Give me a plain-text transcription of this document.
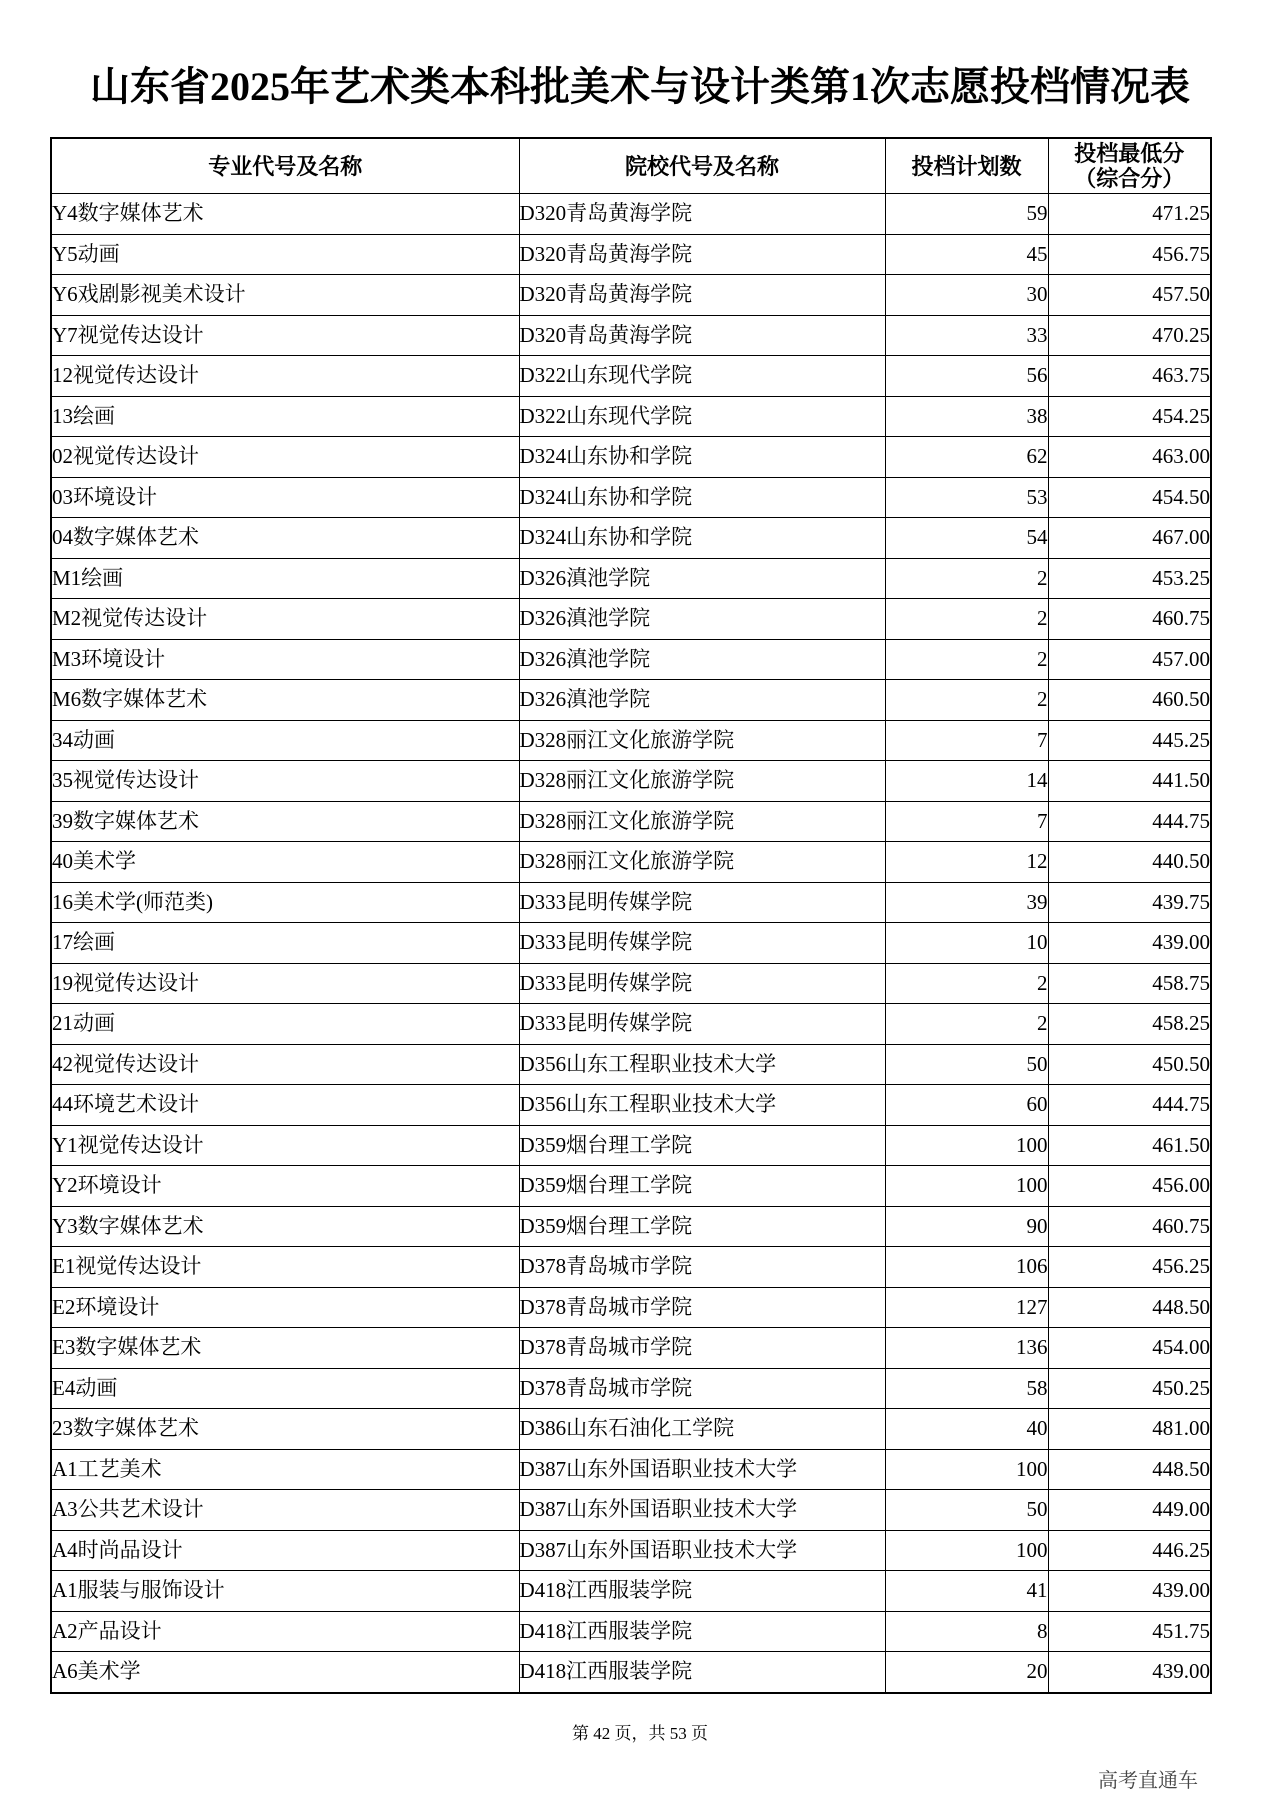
山东省2025年艺术类本科批美术与设计类第1次志愿投档情况表
专业代号及名称	院校代号及名称	投档计划数	投档最低分
（综合分）

Y4数字媒体艺术	D320青岛黄海学院	59	471.25
Y5动画	D320青岛黄海学院	45	456.75
Y6戏剧影视美术设计	D320青岛黄海学院	30	457.50
Y7视觉传达设计	D320青岛黄海学院	33	470.25
12视觉传达设计	D322山东现代学院	56	463.75
13绘画	D322山东现代学院	38	454.25
02视觉传达设计	D324山东协和学院	62	463.00
03环境设计	D324山东协和学院	53	454.50
04数字媒体艺术	D324山东协和学院	54	467.00
M1绘画	D326滇池学院	2	453.25
M2视觉传达设计	D326滇池学院	2	460.75
M3环境设计	D326滇池学院	2	457.00
M6数字媒体艺术	D326滇池学院	2	460.50
34动画	D328丽江文化旅游学院	7	445.25
35视觉传达设计	D328丽江文化旅游学院	14	441.50
39数字媒体艺术	D328丽江文化旅游学院	7	444.75
40美术学	D328丽江文化旅游学院	12	440.50
16美术学(师范类)	D333昆明传媒学院	39	439.75
17绘画	D333昆明传媒学院	10	439.00
19视觉传达设计	D333昆明传媒学院	2	458.75
21动画	D333昆明传媒学院	2	458.25
42视觉传达设计	D356山东工程职业技术大学	50	450.50
44环境艺术设计	D356山东工程职业技术大学	60	444.75
Y1视觉传达设计	D359烟台理工学院	100	461.50
Y2环境设计	D359烟台理工学院	100	456.00
Y3数字媒体艺术	D359烟台理工学院	90	460.75
E1视觉传达设计	D378青岛城市学院	106	456.25
E2环境设计	D378青岛城市学院	127	448.50
E3数字媒体艺术	D378青岛城市学院	136	454.00
E4动画	D378青岛城市学院	58	450.25
23数字媒体艺术	D386山东石油化工学院	40	481.00
A1工艺美术	D387山东外国语职业技术大学	100	448.50
A3公共艺术设计	D387山东外国语职业技术大学	50	449.00
A4时尚品设计	D387山东外国语职业技术大学	100	446.25
A1服装与服饰设计	D418江西服装学院	41	439.00
A2产品设计	D418江西服装学院	8	451.75
A6美术学	D418江西服装学院	20	439.00
第 42 页，共 53 页
高考直通车
